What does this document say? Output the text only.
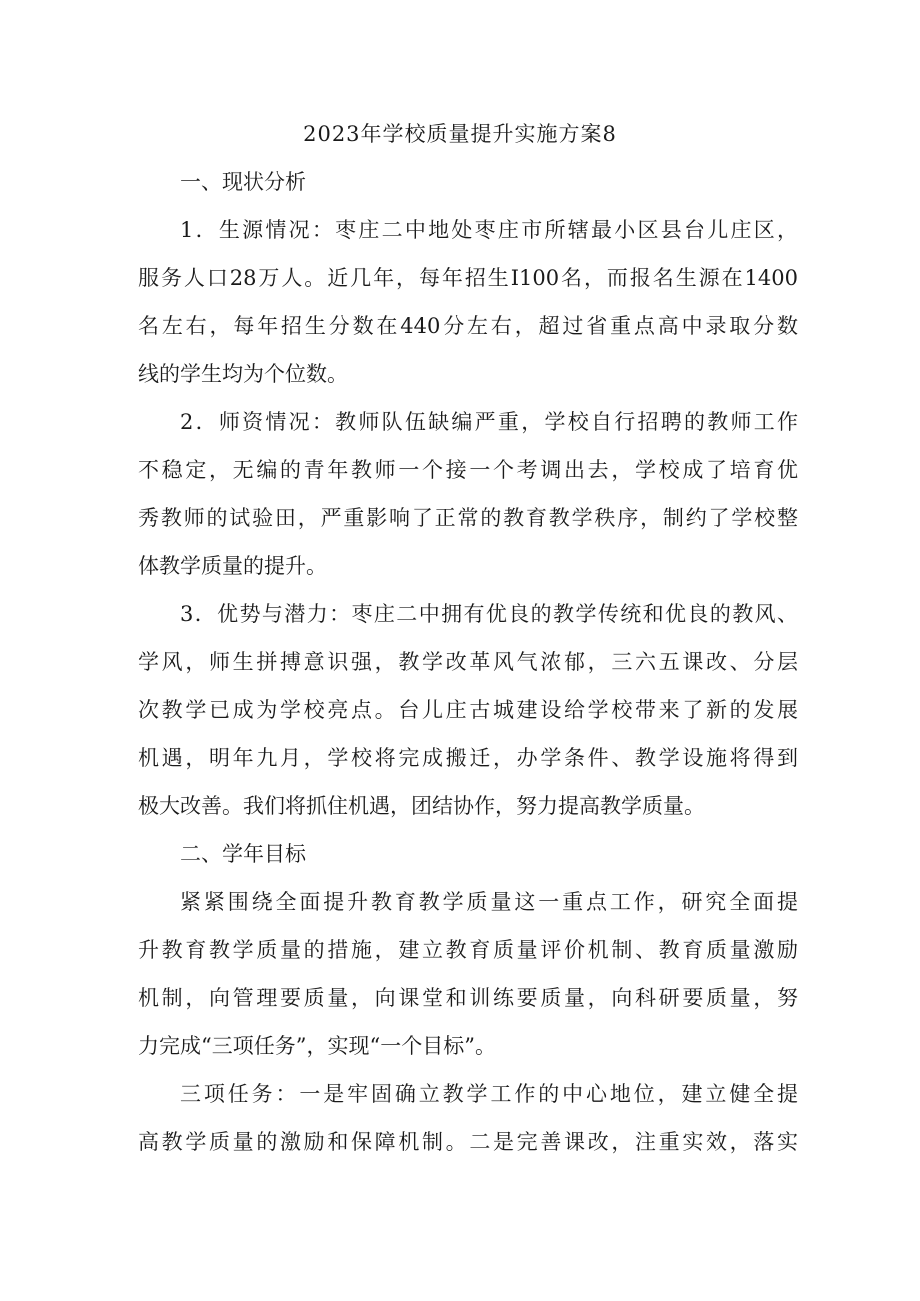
2023年学校质量提升实施方案8
一、现状分析
1．生源情况：枣庄二中地处枣庄市所辖最小区县台儿庄区，
服务人口28万人。近几年，每年招生I100名，而报名生源在1400
名左右，每年招生分数在440分左右，超过省重点高中录取分数
线的学生均为个位数。
2．师资情况：教师队伍缺编严重，学校自行招聘的教师工作
不稳定，无编的青年教师一个接一个考调出去，学校成了培育优
秀教师的试验田，严重影响了正常的教育教学秩序，制约了学校整
体教学质量的提升。
3．优势与潜力：枣庄二中拥有优良的教学传统和优良的教风、
学风，师生拼搏意识强，教学改革风气浓郁，三六五课改、分层
次教学已成为学校亮点。台儿庄古城建设给学校带来了新的发展
机遇，明年九月，学校将完成搬迁，办学条件、教学设施将得到
极大改善。我们将抓住机遇，团结协作，努力提高教学质量。
二、学年目标
紧紧围绕全面提升教育教学质量这一重点工作，研究全面提
升教育教学质量的措施，建立教育质量评价机制、教育质量激励
机制，向管理要质量，向课堂和训练要质量，向科研要质量，努
力完成“三项任务”，实现“一个目标”。
三项任务：一是牢固确立教学工作的中心地位，建立健全提
高教学质量的激励和保障机制。二是完善课改，注重实效，落实
